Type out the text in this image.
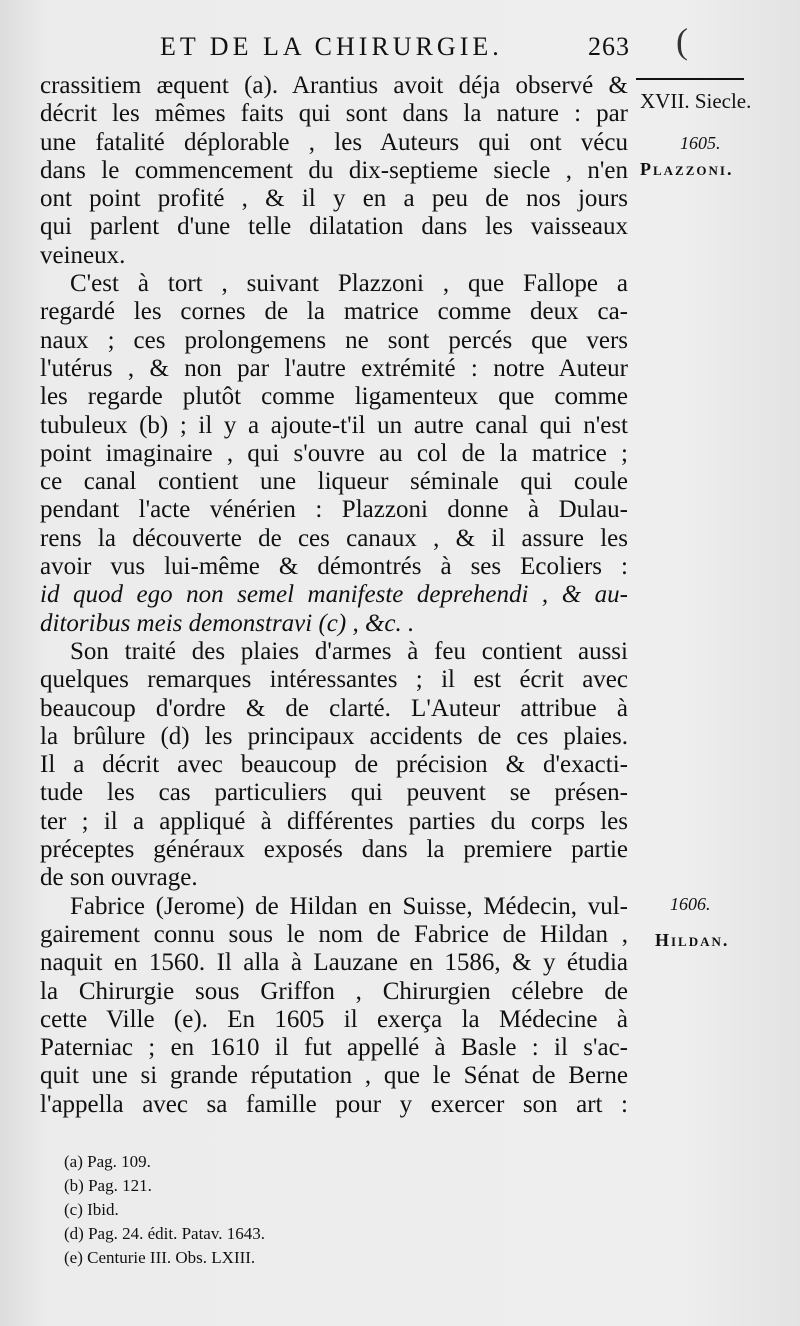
ET DE LA CHIRURGIE.	263 (
XVII. Siecle.
1605.
Plazzoni.
1606.
Hildan.
crassitiem æquent (a). Arantius avoit déja observé &
décrit les mêmes faits qui sont dans la nature : par
une fatalité déplorable , les Auteurs qui ont vécu
dans le commencement du dix-septieme siecle , n'en
ont point profité , & il y en a peu de nos jours
qui parlent d'une telle dilatation dans les vaisseaux
veineux.
C'est à tort , suivant Plazzoni , que Fallope a
regardé les cornes de la matrice comme deux ca-
naux ; ces prolongemens ne sont percés que vers
l'utérus , & non par l'autre extrémité : notre Auteur
les regarde plutôt comme ligamenteux que comme
tubuleux (b) ; il y a ajoute-t'il un autre canal qui n'est
point imaginaire , qui s'ouvre au col de la matrice ;
ce canal contient une liqueur séminale qui coule
pendant l'acte vénérien : Plazzoni donne à Dulau-
rens la découverte de ces canaux , & il assure les
avoir vus lui-même & démontrés à ses Ecoliers :
id quod ego non semel manifeste deprehendi , & au-
ditoribus meis demonstravi (c) , &c. .
Son traité des plaies d'armes à feu contient aussi
quelques remarques intéressantes ; il est écrit avec
beaucoup d'ordre & de clarté. L'Auteur attribue à
la brûlure (d) les principaux accidents de ces plaies.
Il a décrit avec beaucoup de précision & d'exacti-
tude les cas particuliers qui peuvent se présen-
ter ; il a appliqué à différentes parties du corps les
préceptes généraux exposés dans la premiere partie
de son ouvrage.
Fabrice (Jerome) de Hildan en Suisse, Médecin, vul-
gairement connu sous le nom de Fabrice de Hildan ,
naquit en 1560. Il alla à Lauzane en 1586, & y étudia
la Chirurgie sous Griffon , Chirurgien célebre de
cette Ville (e). En 1605 il exerça la Médecine à
Paterniac ; en 1610 il fut appellé à Basle : il s'ac-
quit une si grande réputation , que le Sénat de Berne
l'appella avec sa famille pour y exercer son art :
(a) Pag. 109.
(b) Pag. 121.
(c) Ibid.
(d) Pag. 24. édit. Patav. 1643.
(e) Centurie III. Obs. LXIII.
